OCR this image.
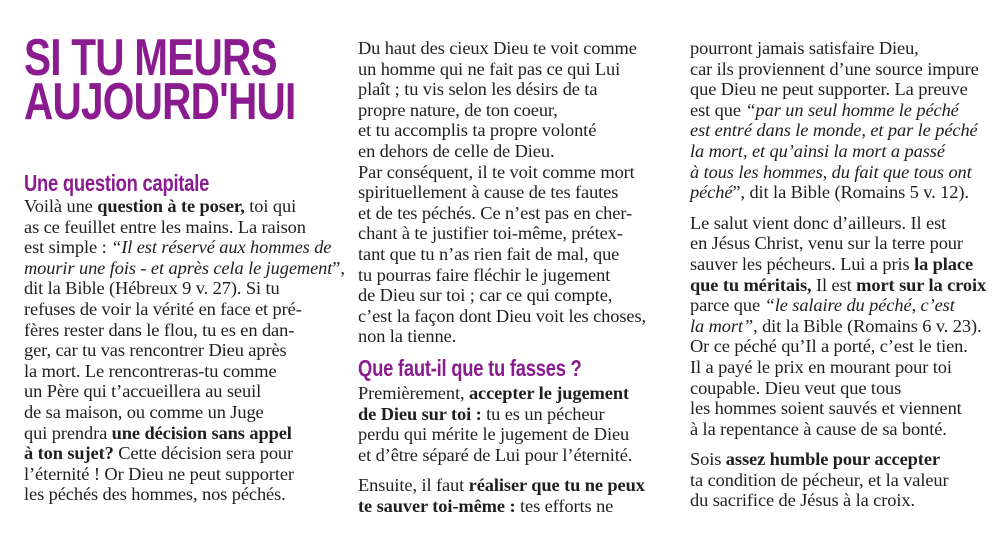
SI TU MEURS
AUJOURD'HUI
Une question capitale
Voilà une question à te poser, toi qui
as ce feuillet entre les mains. La raison
est simple : “Il est réservé aux hommes de
mourir une fois - et après cela le jugement”,
dit la Bible (Hébreux 9 v. 27). Si tu
refuses de voir la vérité en face et pré-
fères rester dans le flou, tu es en dan-
ger, car tu vas rencontrer Dieu après
la mort. Le rencontreras-tu comme
un Père qui t’accueillera au seuil
de sa maison, ou comme un Juge
qui prendra une décision sans appel
à ton sujet? Cette décision sera pour
l’éternité ! Or Dieu ne peut supporter
les péchés des hommes, nos péchés.
Du haut des cieux Dieu te voit comme
un homme qui ne fait pas ce qui Lui
plaît ; tu vis selon les désirs de ta
propre nature, de ton coeur,
et tu accomplis ta propre volonté
en dehors de celle de Dieu.
Par conséquent, il te voit comme mort
spirituellement à cause de tes fautes
et de tes péchés. Ce n’est pas en cher-
chant à te justifier toi-même, prétex-
tant que tu n’as rien fait de mal, que
tu pourras faire fléchir le jugement
de Dieu sur toi ; car ce qui compte,
c’est la façon dont Dieu voit les choses,
non la tienne.
Que faut-il que tu fasses ?
Premièrement, accepter le jugement
de Dieu sur toi : tu es un pécheur
perdu qui mérite le jugement de Dieu
et d’être séparé de Lui pour l’éternité.
Ensuite, il faut réaliser que tu ne peux
te sauver toi-même : tes efforts ne
pourront jamais satisfaire Dieu,
car ils proviennent d’une source impure
que Dieu ne peut supporter. La preuve
est que “par un seul homme le péché
est entré dans le monde, et par le péché
la mort, et qu’ainsi la mort a passé
à tous les hommes, du fait que tous ont
péché”, dit la Bible (Romains 5 v. 12).
Le salut vient donc d’ailleurs. Il est
en Jésus Christ, venu sur la terre pour
sauver les pécheurs. Lui a pris la place
que tu méritais, Il est mort sur la croix
parce que “le salaire du péché, c’est
la mort”, dit la Bible (Romains 6 v. 23).
Or ce péché qu’Il a porté, c’est le tien.
Il a payé le prix en mourant pour toi
coupable. Dieu veut que tous
les hommes soient sauvés et viennent
à la repentance à cause de sa bonté.
Sois assez humble pour accepter
ta condition de pécheur, et la valeur
du sacrifice de Jésus à la croix.
